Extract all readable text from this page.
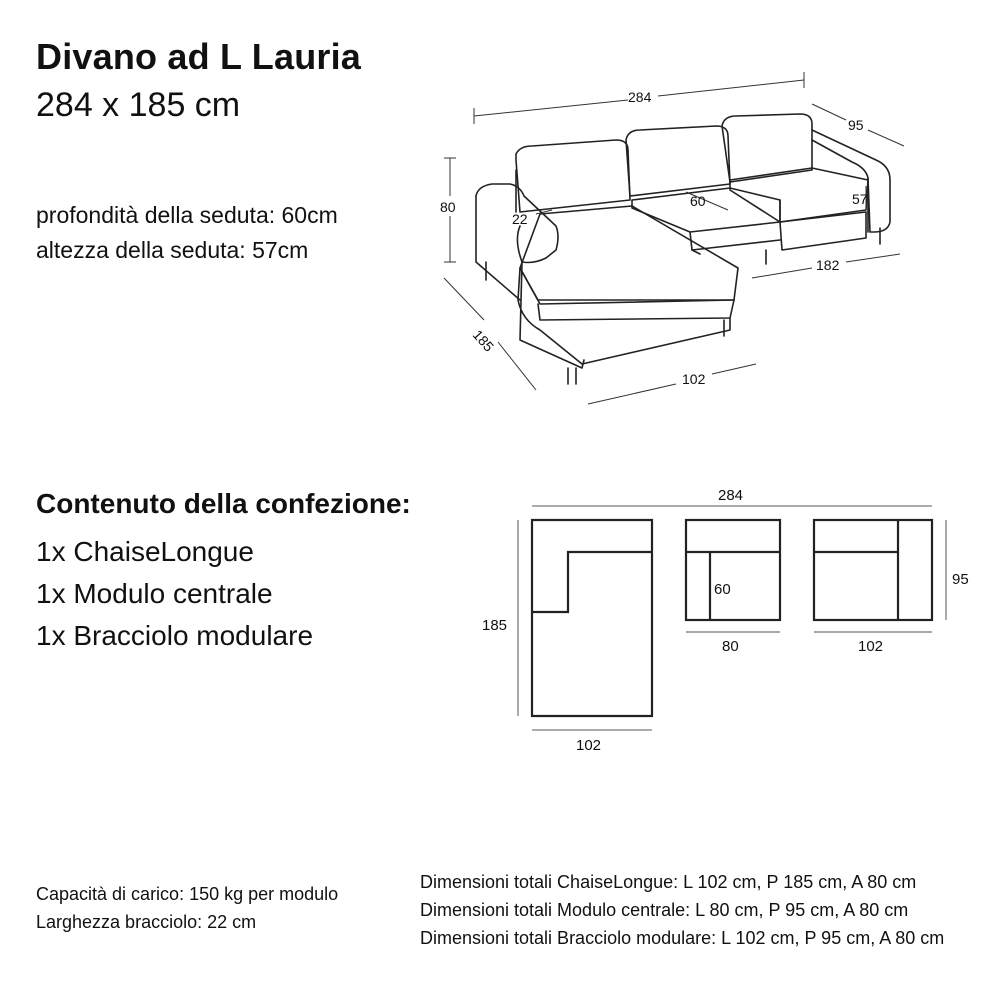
Divano ad L Lauria
284 x 185 cm
profondità della seduta: 60cm
altezza della seduta: 57cm
Contenuto della confezione:
1x ChaiseLongue
1x Modulo centrale
1x Bracciolo modulare
284
95
80
22
60	57
182
185
102
284
185
102
60
80	102
95
Capacità di carico: 150 kg per modulo
Larghezza bracciolo: 22 cm
Dimensioni totali ChaiseLongue: L 102 cm, P 185 cm, A 80 cm
Dimensioni totali Modulo centrale: L 80 cm, P 95 cm, A 80 cm
Dimensioni totali Bracciolo modulare: L 102 cm, P 95 cm, A 80 cm
